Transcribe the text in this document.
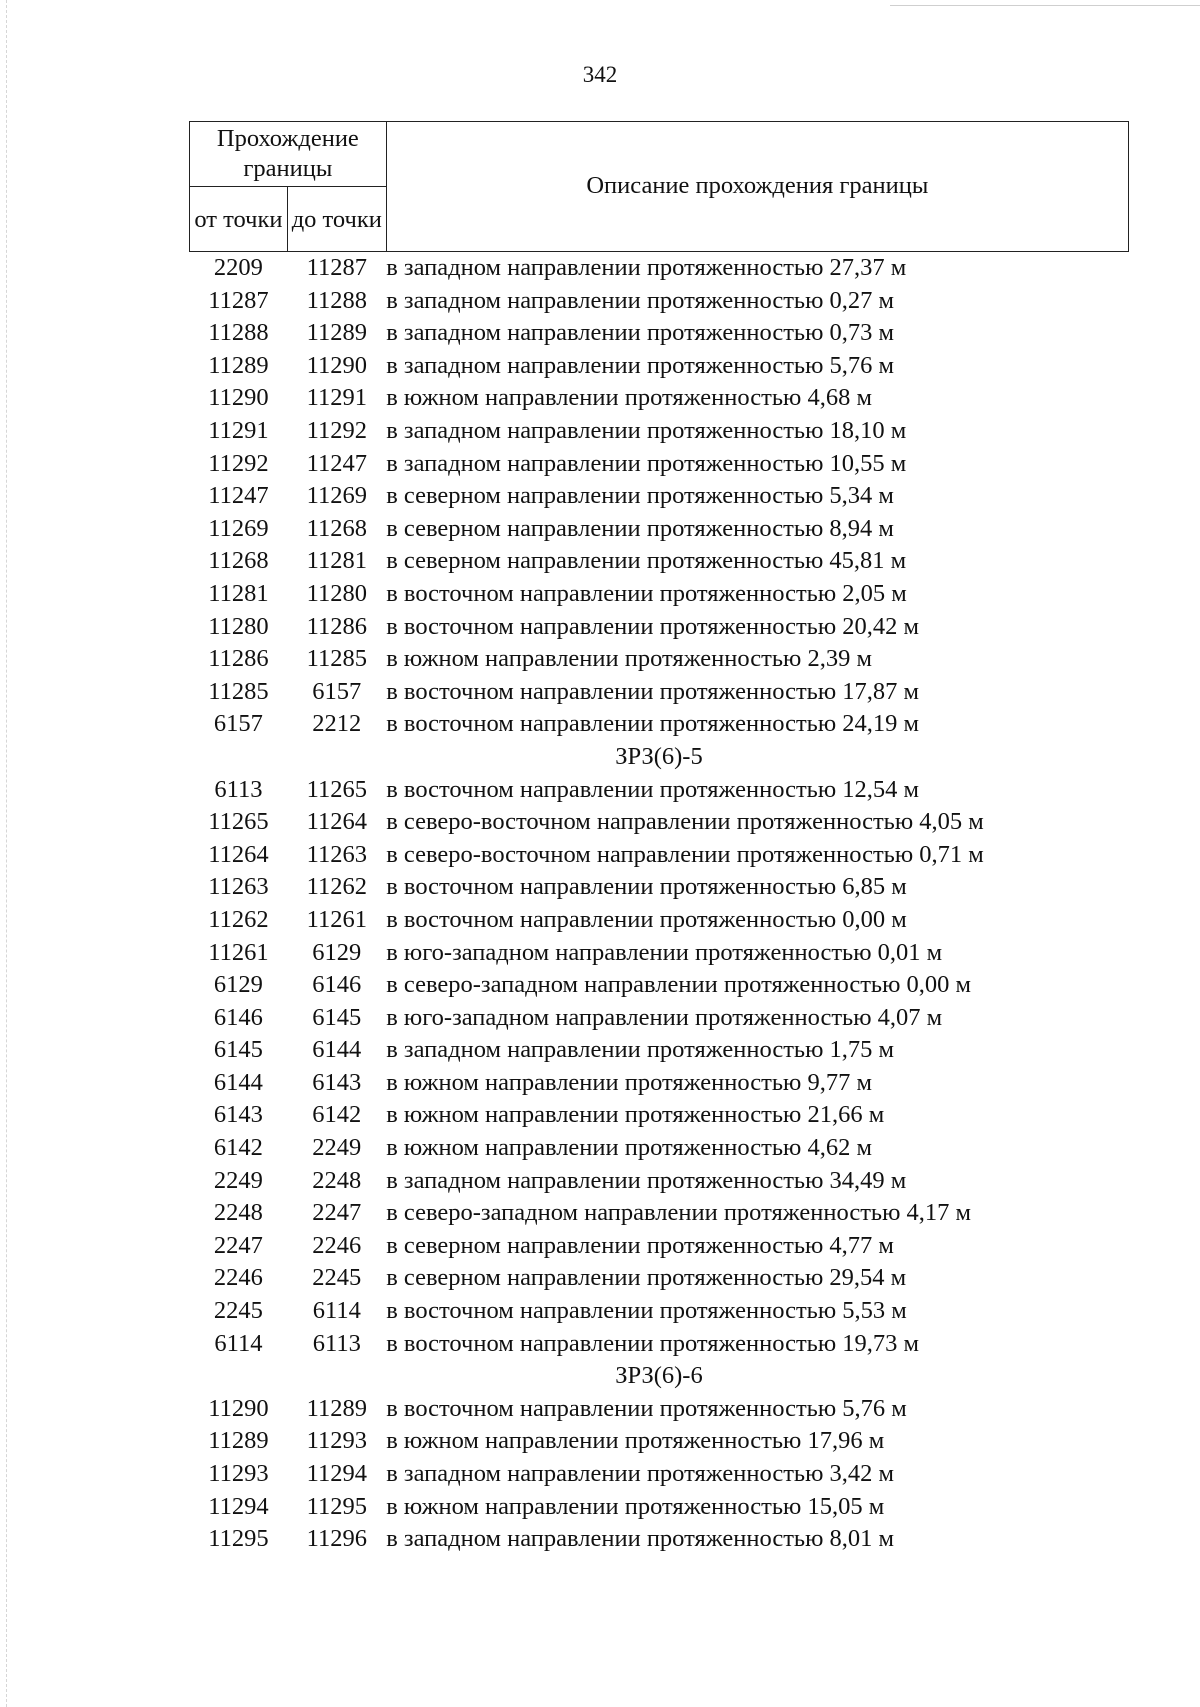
342
Прохождение границы		Описание прохождения границы
от точки	до точки	
2209	11287	в западном направлении протяженностью 27,37 м
11287	11288	в западном направлении протяженностью 0,27 м
11288	11289	в западном направлении протяженностью 0,73 м
11289	11290	в западном направлении протяженностью 5,76 м
11290	11291	в южном направлении протяженностью 4,68 м
11291	11292	в западном направлении протяженностью 18,10 м
11292	11247	в западном направлении протяженностью 10,55 м
11247	11269	в северном направлении протяженностью 5,34 м
11269	11268	в северном направлении протяженностью 8,94 м
11268	11281	в северном направлении протяженностью 45,81 м
11281	11280	в восточном направлении протяженностью 2,05 м
11280	11286	в восточном направлении протяженностью 20,42 м
11286	11285	в южном направлении протяженностью 2,39 м
11285	6157	в восточном направлении протяженностью 17,87 м
6157	2212	в восточном направлении протяженностью 24,19 м
ЗРЗ(6)-5		
6113	11265	в восточном направлении протяженностью 12,54 м
11265	11264	в северо-восточном направлении протяженностью 4,05 м
11264	11263	в северо-восточном направлении протяженностью 0,71 м
11263	11262	в восточном направлении протяженностью 6,85 м
11262	11261	в восточном направлении протяженностью 0,00 м
11261	6129	в юго-западном направлении протяженностью 0,01 м
6129	6146	в северо-западном направлении протяженностью 0,00 м
6146	6145	в юго-западном направлении протяженностью 4,07 м
6145	6144	в западном направлении протяженностью 1,75 м
6144	6143	в южном направлении протяженностью 9,77 м
6143	6142	в южном направлении протяженностью 21,66 м
6142	2249	в южном направлении протяженностью 4,62 м
2249	2248	в западном направлении протяженностью 34,49 м
2248	2247	в северо-западном направлении протяженностью 4,17 м
2247	2246	в северном направлении протяженностью 4,77 м
2246	2245	в северном направлении протяженностью 29,54 м
2245	6114	в восточном направлении протяженностью 5,53 м
6114	6113	в восточном направлении протяженностью 19,73 м
ЗРЗ(6)-6		
11290	11289	в восточном направлении протяженностью 5,76 м
11289	11293	в южном направлении протяженностью 17,96 м
11293	11294	в западном направлении протяженностью 3,42 м
11294	11295	в южном направлении протяженностью 15,05 м
11295	11296	в западном направлении протяженностью 8,01 м
